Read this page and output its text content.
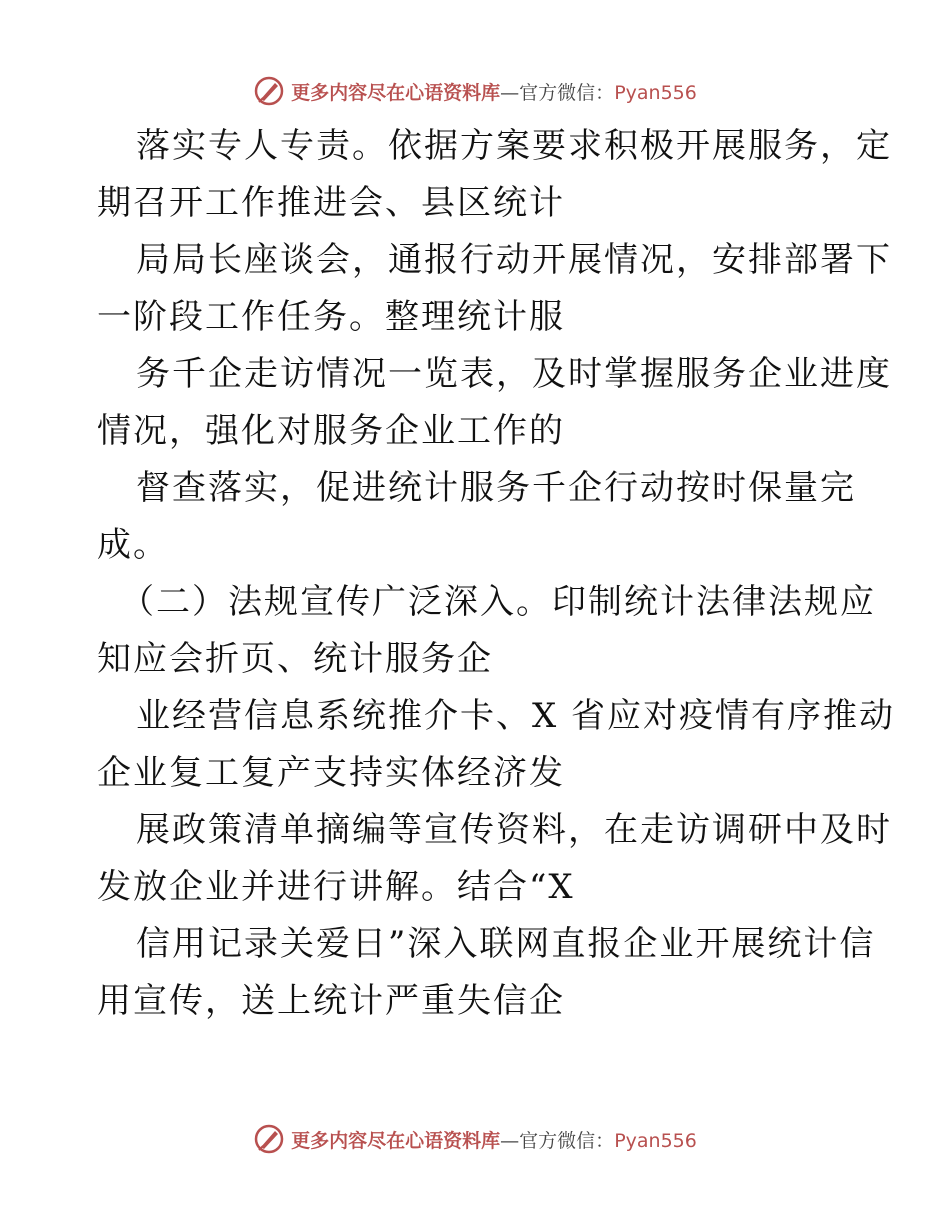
更多内容尽在心语资料库—官方微信：Pyan556
落实专人专责。依据方案要求积极开展服务，定
期召开工作推进会、县区统计
局局长座谈会，通报行动开展情况，安排部署下
一阶段工作任务。整理统计服
务千企走访情况一览表，及时掌握服务企业进度
情况，强化对服务企业工作的
督查落实，促进统计服务千企行动按时保量完
成。
（二）法规宣传广泛深入。印制统计法律法规应
知应会折页、统计服务企
业经营信息系统推介卡、X 省应对疫情有序推动
企业复工复产支持实体经济发
展政策清单摘编等宣传资料，在走访调研中及时
发放企业并进行讲解。结合“X
信用记录关爱日”深入联网直报企业开展统计信
用宣传，送上统计严重失信企
更多内容尽在心语资料库—官方微信：Pyan556
